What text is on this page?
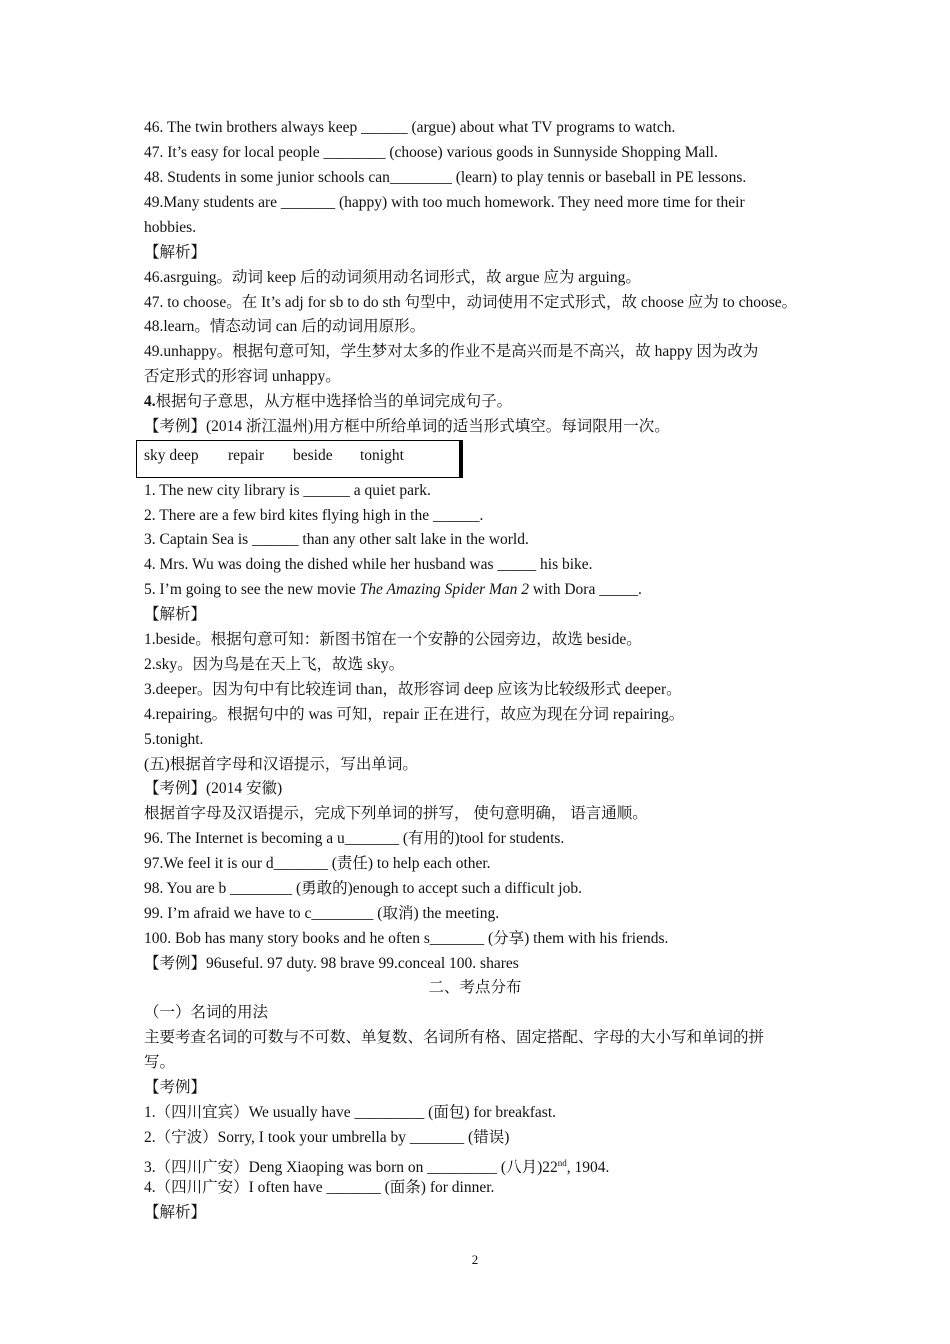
46. The twin brothers always keep ______ (argue) about what TV programs to watch.
47. It’s easy for local people ________ (choose) various goods in Sunnyside Shopping Mall.
48. Students in some junior schools can________ (learn) to play tennis or baseball in PE lessons.
49.Many students are _______ (happy) with too much homework. They need more time for their
hobbies.
【解析】
46.asrguing。动词 keep 后的动词须用动名词形式，故 argue 应为 arguing。
47. to choose。在 It’s adj for sb to do sth 句型中，动词使用不定式形式，故 choose 应为 to choose。
48.learn。情态动词 can 后的动词用原形。
49.unhappy。根据句意可知，学生梦对太多的作业不是高兴而是不高兴，故 happy 因为改为
否定形式的形容词 unhappy。
4.根据句子意思，从方框中选择恰当的单词完成句子。
【考例】(2014 浙江温州)用方框中所给单词的适当形式填空。每词限用一次。
sky deep repair beside tonight
1. The new city library is ______ a quiet park.
2. There are a few bird kites flying high in the ______.
3. Captain Sea is ______ than any other salt lake in the world.
4. Mrs. Wu was doing the dished while her husband was _____ his bike.
5. I’m going to see the new movie The Amazing Spider Man 2 with Dora _____.
【解析】
1.beside。根据句意可知：新图书馆在一个安静的公园旁边，故选 beside。
2.sky。因为鸟是在天上飞，故选 sky。
3.deeper。因为句中有比较连词 than，故形容词 deep 应该为比较级形式 deeper。
4.repairing。根据句中的 was 可知，repair 正在进行，故应为现在分词 repairing。
5.tonight.
(五)根据首字母和汉语提示，写出单词。
【考例】(2014 安徽)
根据首字母及汉语提示，完成下列单词的拼写， 使句意明确， 语言通顺。
96. The Internet is becoming a u_______ (有用的)tool for students.
97.We feel it is our d_______ (责任) to help each other.
98. You are b ________ (勇敢的)enough to accept such a difficult job.
99. I’m afraid we have to c________ (取消) the meeting.
100. Bob has many story books and he often s_______ (分享) them with his friends.
【考例】96useful. 97 duty. 98 brave 99.conceal 100. shares
二、考点分布
（一）名词的用法
主要考查名词的可数与不可数、单复数、名词所有格、固定搭配、字母的大小写和单词的拼
写。
【考例】
1.（四川宜宾）We usually have _________ (面包) for breakfast.
2.（宁波）Sorry, I took your umbrella by _______ (错误)
3.（四川广安）Deng Xiaoping was born on _________ (八月)22nd, 1904.
4.（四川广安）I often have _______ (面条) for dinner.
【解析】
2
